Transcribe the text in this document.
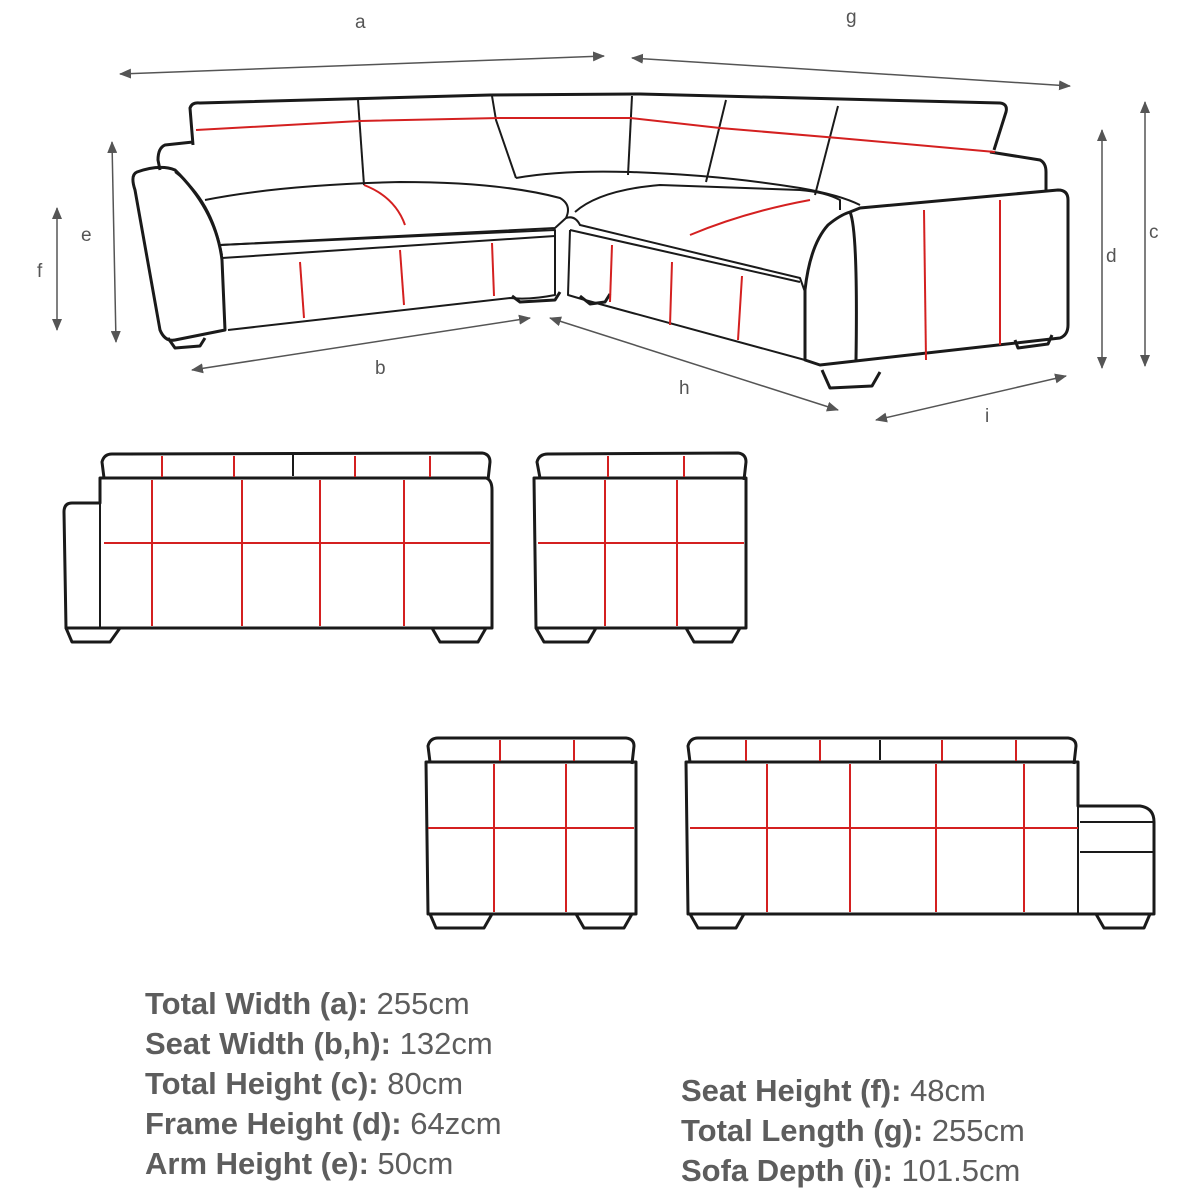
a	g
b
h
i
f
e
d
c
Total Width (a): 255cm
Seat Width (b,h): 132cm
Total Height (c): 80cm
Frame Height (d): 64zcm
Arm Height (e): 50cm
Seat Height (f): 48cm
Total Length (g): 255cm
Sofa Depth (i): 101.5cm
